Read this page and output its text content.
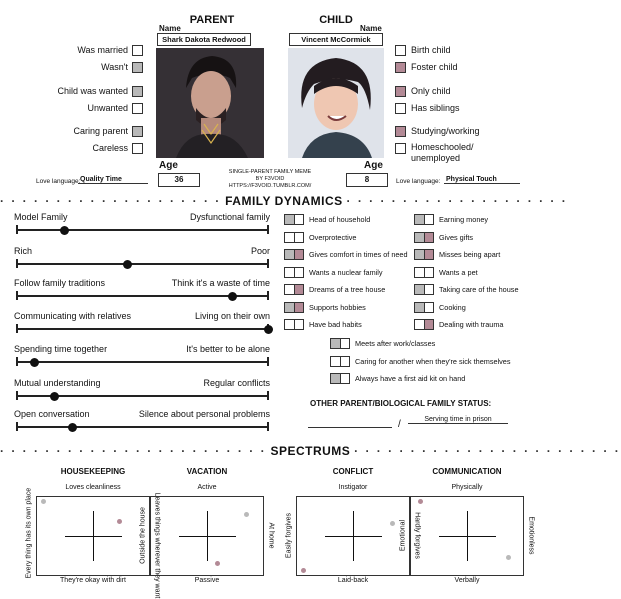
PARENT	CHILD
Name	Name
Shark Dakota Redwood	Vincent McCormick
Was married
Wasn't
Child was wanted
Unwanted
Caring parent
Careless
Birth child
Foster child
Only child
Has siblings
Studying/working
Homeschooled/
unemployed
Age	Age
36	8
SINGLE-PARENT FAMILY MEME
BY F3VOID
HTTPS://F3VOID.TUMBLR.COM/
Love language: Quality Time	Love language: Physical Touch
· · · · · · · · · · · · · · · · · · · · FAMILY DYNAMICS · · · · · · · · · · · · · · · · · · · ·
Model Family	Dysfunctional family
Rich	Poor
Follow family traditions	Think it's a waste of time
Communicating with relatives	Living on their own
Spending time together	It's better to be alone
Mutual understanding	Regular conflicts
Open conversation	Silence about personal problems
Head of household
Overprotective
Gives comfort in times of need
Wants a nuclear family
Dreams of a tree house
Supports hobbies
Have bad habits
Earning money
Gives gifts
Misses being apart
Wants a pet
Taking care of the house
Cooking
Dealing with trauma
Meets after work/classes
Caring for another when they're sick themselves
Always have a first aid kit on hand
OTHER PARENT/BIOLOGICAL FAMILY STATUS:
/	Serving time in prison
· · · · · · · · · · · · · · · · · · · · · · · · SPECTRUMS · · · · · · · · · · · · · · · · · · · · · · · ·
HOUSEKEEPING
Loves cleanliness
They're okay with dirt
Every thing has its own place	Leaves things wherever they want
VACATION
Active
Passive
Outside the house	At home
CONFLICT
Instigator
Laid-back
Easily forgives	Hardly forgives
COMMUNICATION
Physically
Verbally
Emotional	Emotionless
